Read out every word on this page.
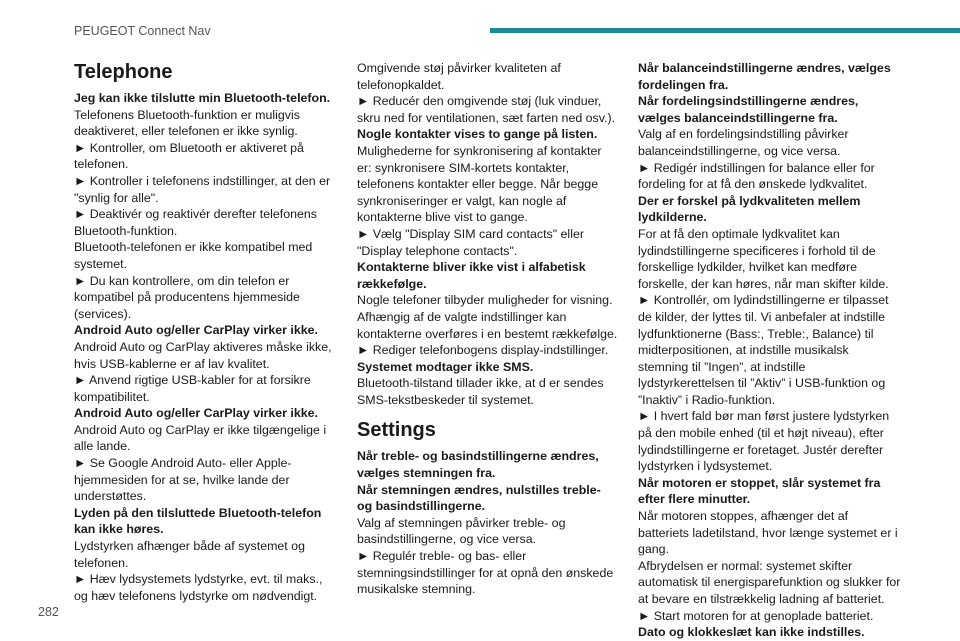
PEUGEOT Connect Nav
Telephone

Jeg kan ikke tilslutte min Bluetooth-telefon.

Telefonens Bluetooth-funktion er muligvis deaktiveret, eller telefonen er ikke synlig.

► Kontroller, om Bluetooth er aktiveret på telefonen.

► Kontroller i telefonens indstillinger, at den er "synlig for alle".

► Deaktivér og reaktivér derefter telefonens Bluetooth-funktion.

Bluetooth-telefonen er ikke kompatibel med systemet.

► Du kan kontrollere, om din telefon er kompatibel på producentens hjemmeside (services).

Android Auto og/eller CarPlay virker ikke.

Android Auto og CarPlay aktiveres måske ikke, hvis USB-kablerne er af lav kvalitet.

► Anvend rigtige USB-kabler for at forsikre kompatibilitet.

Android Auto og/eller CarPlay virker ikke.

Android Auto og CarPlay er ikke tilgængelige i alle lande.

► Se Google Android Auto- eller Apple-hjemmesiden for at se, hvilke lande der understøttes.

Lyden på den tilsluttede Bluetooth-telefon kan ikke høres.

Lydstyrken afhænger både af systemet og telefonen.

► Hæv lydsystemets lydstyrke, evt. til maks., og hæv telefonens lydstyrke om nødvendigt.

Omgivende støj påvirker kvaliteten af telefonopkaldet.

► Reducér den omgivende støj (luk vinduer, skru ned for ventilationen, sæt farten ned osv.).

Nogle kontakter vises to gange på listen.

Mulighederne for synkronisering af kontakter er: synkronisere SIM-kortets kontakter, telefonens kontakter eller begge. Når begge synkroniseringer er valgt, kan nogle af kontakterne blive vist to gange.

► Vælg "Display SIM card contacts" eller "Display telephone contacts".

Kontakterne bliver ikke vist i alfabetisk rækkefølge.

Nogle telefoner tilbyder muligheder for visning. Afhængig af de valgte indstillinger kan kontakterne overføres i en bestemt rækkefølge.

► Rediger telefonbogens display-indstillinger.

Systemet modtager ikke SMS.

Bluetooth-tilstand tillader ikke, at d er sendes SMS-tekstbeskeder til systemet.

Settings

Når treble- og basindstillingerne ændres, vælges stemningen fra.

Når stemningen ændres, nulstilles treble- og basindstillingerne.

Valg af stemningen påvirker treble- og basindstillingerne, og vice versa.

► Regulér treble- og bas- eller stemningsindstillinger for at opnå den ønskede musikalske stemning.

Når balanceindstillingerne ændres, vælges fordelingen fra.

Når fordelingsindstillingerne ændres, vælges balanceindstillingerne fra.

Valg af en fordelingsindstilling påvirker balanceindstillingerne, og vice versa.

► Redigér indstillingen for balance eller for fordeling for at få den ønskede lydkvalitet.

Der er forskel på lydkvaliteten mellem lydkilderne.

For at få den optimale lydkvalitet kan lydindstillingerne specificeres i forhold til de forskellige lydkilder, hvilket kan medføre forskelle, der kan høres, når man skifter kilde.

► Kontrollér, om lydindstillingerne er tilpasset de kilder, der lyttes til. Vi anbefaler at indstille lydfunktionerne (Bass:, Treble:, Balance) til midterpositionen, at indstille musikalsk stemning til ”Ingen”, at indstille lydstyrkerettelsen til ”Aktiv” i USB-funktion og ”Inaktiv” i Radio-funktion.

► I hvert fald bør man først justere lydstyrken på den mobile enhed (til et højt niveau), efter lydindstillingerne er foretaget. Justér derefter lydstyrken i lydsystemet.

Når motoren er stoppet, slår systemet fra efter flere minutter.

Når motoren stoppes, afhænger det af batteriets ladetilstand, hvor længe systemet er i gang.

Afbrydelsen er normal: systemet skifter automatisk til energisparefunktion og slukker for at bevare en tilstrækkelig ladning af batteriet.

► Start motoren for at genoplade batteriet.

Dato og klokkeslæt kan ikke indstilles.

282
